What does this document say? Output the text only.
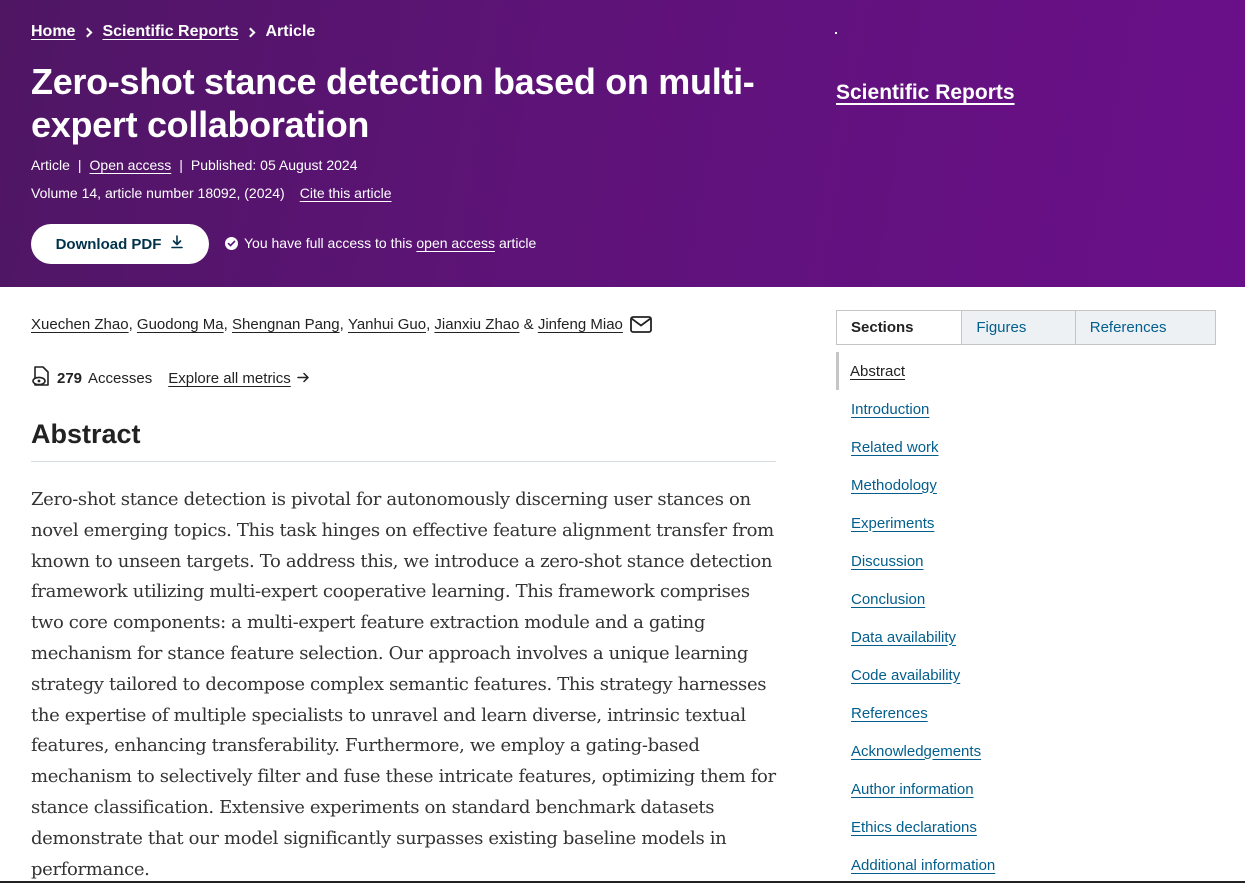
Home Scientific Reports Article
Zero-shot stance detection based on multi-expert collaboration
Article | Open access | Published: 05 August 2024
Volume 14, article number 18092, (2024) Cite this article
Download PDF	You have full access to this open access article
Scientific Reports
Xuechen Zhao ,
Guodong Ma ,
Shengnan Pang ,
Yanhui Guo ,
Jianxiu Zhao
&
Jinfeng Miao
279 Accesses Explore all metrics
Abstract

Zero-shot stance detection is pivotal for autonomously discerning user stances on novel emerging topics. This task hinges on effective feature alignment transfer from known to unseen targets. To address this, we introduce a zero-shot stance detection framework utilizing multi-expert cooperative learning. This framework comprises two core components: a multi-expert feature extraction module and a gating mechanism for stance feature selection. Our approach involves a unique learning strategy tailored to decompose complex semantic features. This strategy harnesses the expertise of multiple specialists to unravel and learn diverse, intrinsic textual features, enhancing transferability. Furthermore, we employ a gating-based mechanism to selectively filter and fuse these intricate features, optimizing them for stance classification. Extensive experiments on standard benchmark datasets demonstrate that our model significantly surpasses existing baseline models in performance.

Sections	Figures	References
Abstract
Introduction
Related work
Methodology
Experiments
Discussion
Conclusion
Data availability
Code availability
References
Acknowledgements
Author information
Ethics declarations
Additional information
